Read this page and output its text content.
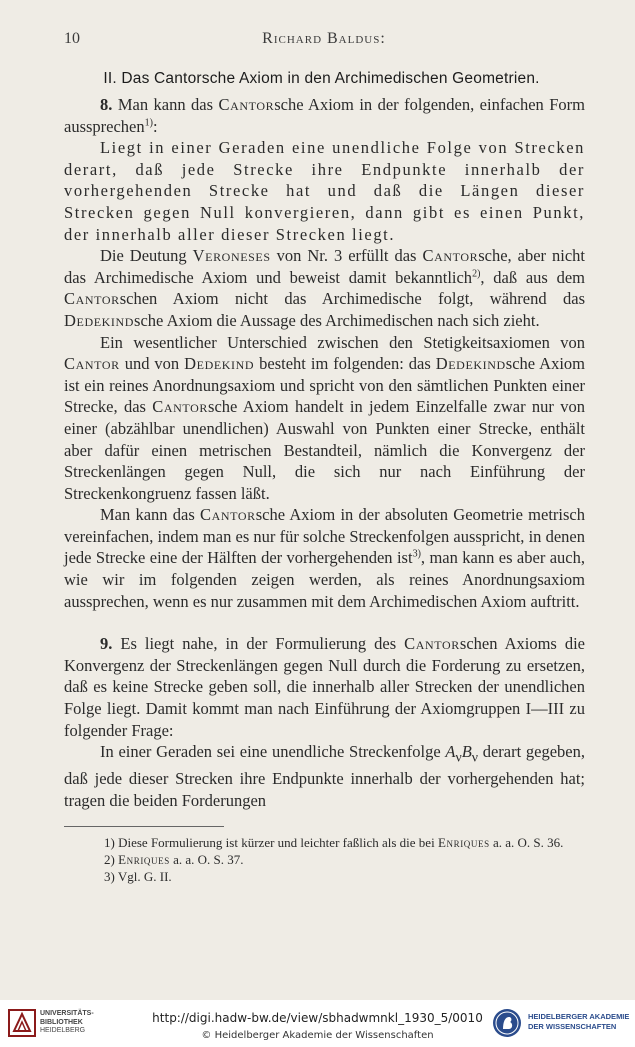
10	Richard Baldus:
II. Das Cantorsche Axiom in den Archimedischen Geometrien.

8. Man kann das Cantorsche Axiom in der folgenden, einfachen Form aussprechen$^{1)}$:

Liegt in einer Geraden eine unendliche Folge von Strecken derart, daß jede Strecke ihre Endpunkte innerhalb der vorhergehenden Strecke hat und daß die Längen dieser Strecken gegen Null konvergieren, dann gibt es einen Punkt, der innerhalb aller dieser Strecken liegt.

Die Deutung Veroneses von Nr. 3 erfüllt das Cantorsche, aber nicht das Archimedische Axiom und beweist damit bekanntlich$^{2)}$, daß aus dem Cantorschen Axiom nicht das Archimedische folgt, während das Dedekindsche Axiom die Aussage des Archimedischen nach sich zieht.

Ein wesentlicher Unterschied zwischen den Stetigkeitsaxiomen von Cantor und von Dedekind besteht im folgenden: das Dedekindsche Axiom ist ein reines Anordnungsaxiom und spricht von den sämtlichen Punkten einer Strecke, das Cantorsche Axiom handelt in jedem Einzelfalle zwar nur von einer (abzählbar unendlichen) Auswahl von Punkten einer Strecke, enthält aber dafür einen metrischen Bestandteil, nämlich die Konvergenz der Streckenlängen gegen Null, die sich nur nach Einführung der Streckenkongruenz fassen läßt.

Man kann das Cantorsche Axiom in der absoluten Geometrie metrisch vereinfachen, indem man es nur für solche Streckenfolgen ausspricht, in denen jede Strecke eine der Hälften der vorhergehenden ist$^{3)}$, man kann es aber auch, wie wir im folgenden zeigen werden, als reines Anordnungsaxiom aussprechen, wenn es nur zusammen mit dem Archimedischen Axiom auftritt.

9. Es liegt nahe, in der Formulierung des Cantorschen Axioms die Konvergenz der Streckenlängen gegen Null durch die Forderung zu ersetzen, daß es keine Strecke geben soll, die innerhalb aller Strecken der unendlichen Folge liegt. Damit kommt man nach Einführung der Axiomgruppen I—III zu folgender Frage:

In einer Geraden sei eine unendliche Streckenfolge $A_\nu B_\nu$ derart gegeben, daß jede dieser Strecken ihre Endpunkte innerhalb der vorhergehenden hat; tragen die beiden Forderungen

1) Diese Formulierung ist kürzer und leichter faßlich als die bei Enriques a. a. O. S. 36.

2) Enriques a. a. O. S. 37.

3) Vgl. G. II.

UNIVERSITÄTS-
BIBLIOTHEK
HEIDELBERG
http://digi.hadw-bw.de/view/sbhadwmnkl_1930_5/0010
© Heidelberger Akademie der Wissenschaften
HEIDELBERGER AKADEMIE
DER WISSENSCHAFTEN
